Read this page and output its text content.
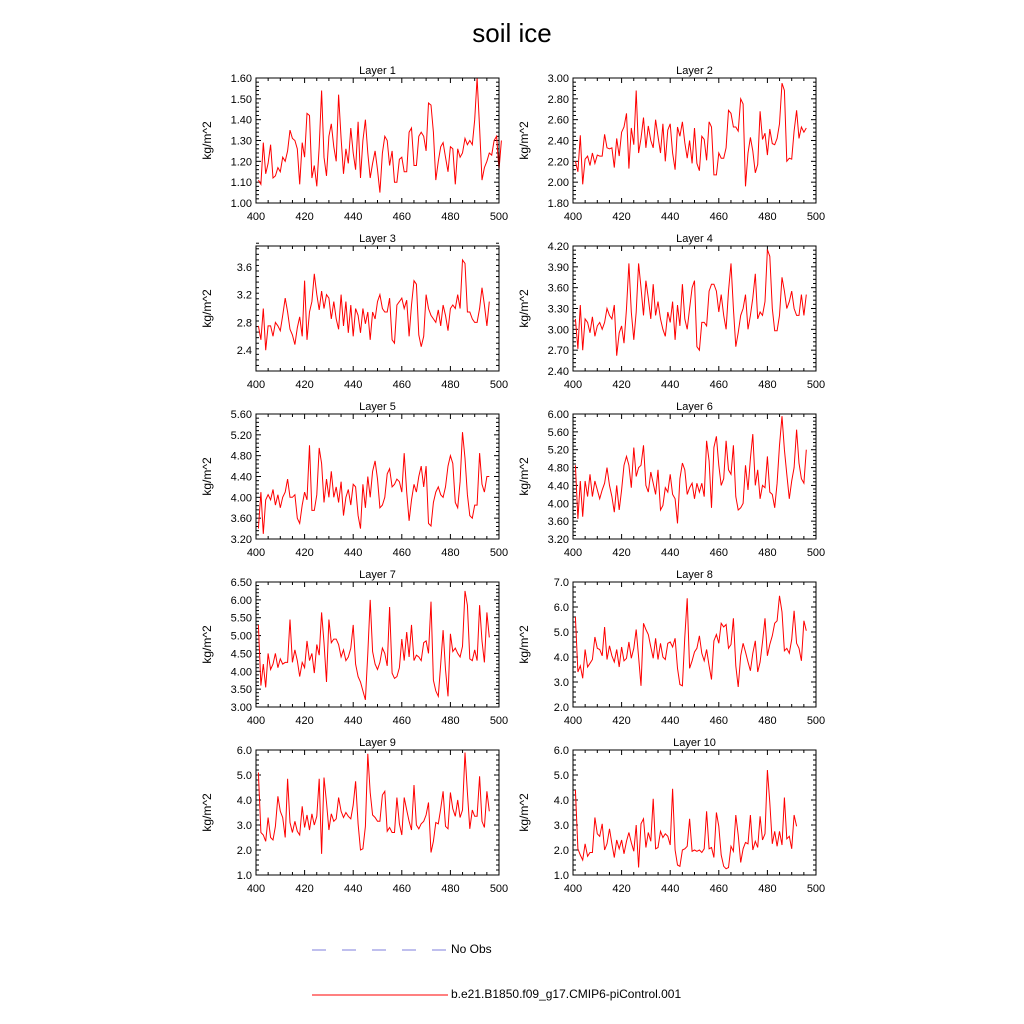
soil ice
Layer 1
kg/m^2
400	420	440	460	480	500
1.00
1.10
1.20
1.30
1.40
1.50
1.60
Layer 2
kg/m^2
400	420	440	460	480	500
1.80
2.00
2.20
2.40
2.60
2.80
3.00
Layer 3
kg/m^2
400	420	440	460	480	500
2.4
2.8
3.2
3.6
Layer 4
kg/m^2
400	420	440	460	480	500
2.40
2.70
3.00
3.30
3.60
3.90
4.20
Layer 5
kg/m^2
400	420	440	460	480	500
3.20
3.60
4.00
4.40
4.80
5.20
5.60
Layer 6
kg/m^2
400	420	440	460	480	500
3.20
3.60
4.00
4.40
4.80
5.20
5.60
6.00
Layer 7
kg/m^2
400	420	440	460	480	500
3.00
3.50
4.00
4.50
5.00
5.50
6.00
6.50
Layer 8
kg/m^2
400	420	440	460	480	500
2.0
3.0
4.0
5.0
6.0
7.0
Layer 9
kg/m^2
400	420	440	460	480	500
1.0
2.0
3.0
4.0
5.0
6.0
Layer 10
kg/m^2
400	420	440	460	480	500
1.0
2.0
3.0
4.0
5.0
6.0
No Obs
b.e21.B1850.f09_g17.CMIP6-piControl.001
